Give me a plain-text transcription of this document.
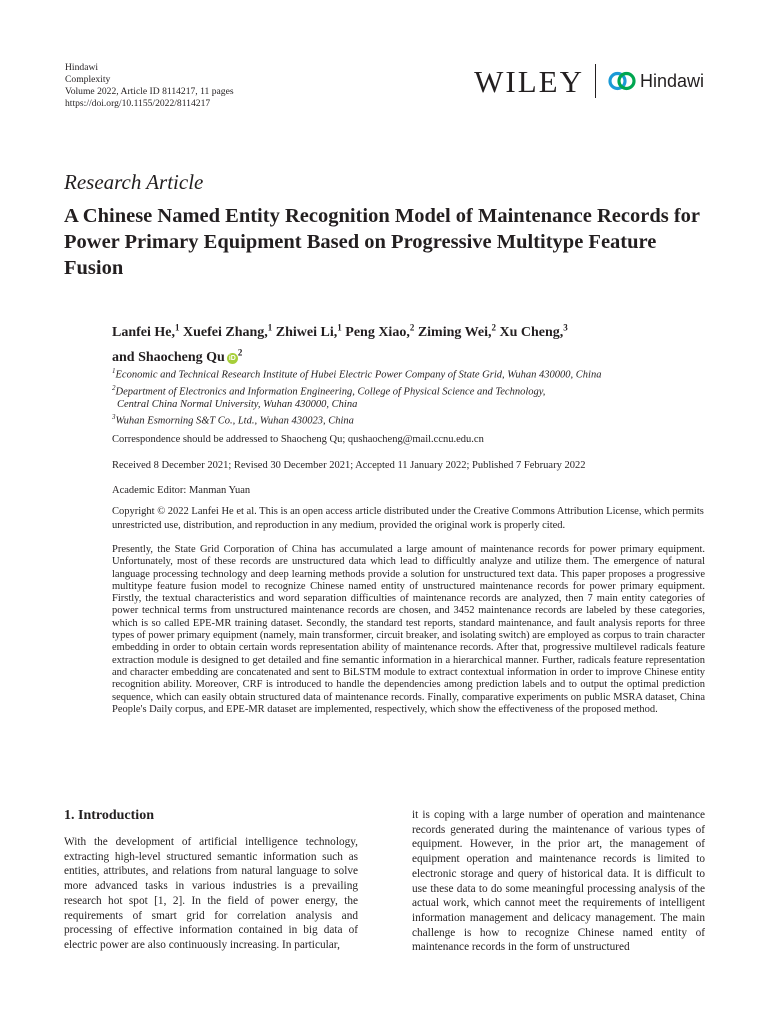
Hindawi
Complexity
Volume 2022, Article ID 8114217, 11 pages
https://doi.org/10.1155/2022/8114217
WILEY	Hindawi
Research Article
A Chinese Named Entity Recognition Model of Maintenance Records for Power Primary Equipment Based on Progressive Multitype Feature Fusion
Lanfei He,$^1$ Xuefei Zhang,$^1$ Zhiwei Li,$^1$ Peng Xiao,$^2$ Ziming Wei,$^2$ Xu Cheng,$^3$
and Shaocheng Qu $iD^2$
$^1$Economic and Technical Research Institute of Hubei Electric Power Company of State Grid, Wuhan 430000, China
$^2$Department of Electronics and Information Engineering, College of Physical Science and Technology,
Central China Normal University, Wuhan 430000, China
$^3$Wuhan Esmorning S&T Co., Ltd., Wuhan 430023, China
Correspondence should be addressed to Shaocheng Qu; qushaocheng@mail.ccnu.edu.cn
Received 8 December 2021; Revised 30 December 2021; Accepted 11 January 2022; Published 7 February 2022
Academic Editor: Manman Yuan
Copyright © 2022 Lanfei He et al. This is an open access article distributed under the Creative Commons Attribution License, which permits unrestricted use, distribution, and reproduction in any medium, provided the original work is properly cited.

Presently, the State Grid Corporation of China has accumulated a large amount of maintenance records for power primary equipment. Unfortunately, most of these records are unstructured data which lead to difficultly analyze and utilize them. The emergence of natural language processing technology and deep learning methods provide a solution for unstructured text data. This paper proposes a progressive multitype feature fusion model to recognize Chinese named entity of unstructured maintenance records for power primary equipment. Firstly, the textual characteristics and word separation difficulties of maintenance records are analyzed, then 7 main entity categories of power technical terms from unstructured maintenance records are chosen, and 3452 maintenance records are labeled by these categories, which is so called EPE-MR training dataset. Secondly, the standard test reports, standard maintenance, and fault analysis reports for three types of power primary equipment (namely, main transformer, circuit breaker, and isolating switch) are employed as corpus to train character embedding in order to obtain certain words representation ability of maintenance records. After that, progressive multilevel radicals feature extraction module is designed to get detailed and fine semantic information in a hierarchical manner. Further, radicals feature representation and character embedding are concatenated and sent to BiLSTM module to extract contextual information in order to improve Chinese entity recognition ability. Moreover, CRF is introduced to handle the dependencies among prediction labels and to output the optimal prediction sequence, which can easily obtain structured data of maintenance records. Finally, comparative experiments on public MSRA dataset, China People's Daily corpus, and EPE-MR dataset are implemented, respectively, which show the effectiveness of the proposed method.

1. Introduction

With the development of artificial intelligence technology, extracting high-level structured semantic information such as entities, attributes, and relations from natural language to solve more advanced tasks in various industries is a prevailing research hot spot [1, 2]. In the field of power energy, the requirements of smart grid for correlation analysis and processing of effective information contained in big data of electric power are also continuously increasing. In particular,

it is coping with a large number of operation and maintenance records generated during the maintenance of various types of equipment. However, in the prior art, the management of equipment operation and maintenance records is limited to electronic storage and query of historical data. It is difficult to use these data to do some meaningful processing analysis of the actual work, which cannot meet the requirements of intelligent information management and delicacy management. The main challenge is how to recognize Chinese named entity of maintenance records in the form of unstructured
